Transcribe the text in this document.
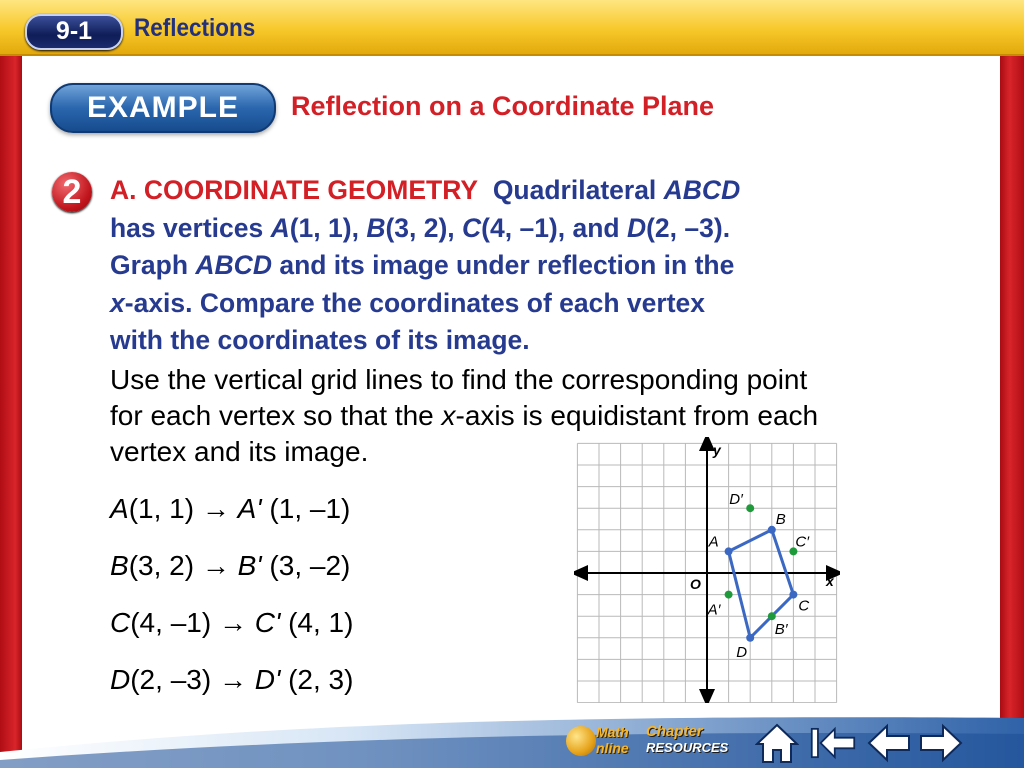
9-1	Reflections
EXAMPLE	Reflection on a Coordinate Plane
2	A. COORDINATE GEOMETRY Quadrilateral ABCD
has vertices A(1, 1), B(3, 2), C(4, –1), and D(2, –3).
Graph ABCD and its image under reflection in the
x-axis. Compare the coordinates of each vertex
with the coordinates of its image.
Use the vertical grid lines to find the corresponding point
for each vertex so that the x-axis is equidistant from each
vertex and its image.
A(1, 1) → A' (1, –1)
B(3, 2) → B' (3, –2)
C(4, –1) → C' (4, 1)
D(2, –3) → D' (2, 3)
x
y
O
A
B
C
D
A′
B′
C′
D′
Math
nline
Chapter
RESOURCES
